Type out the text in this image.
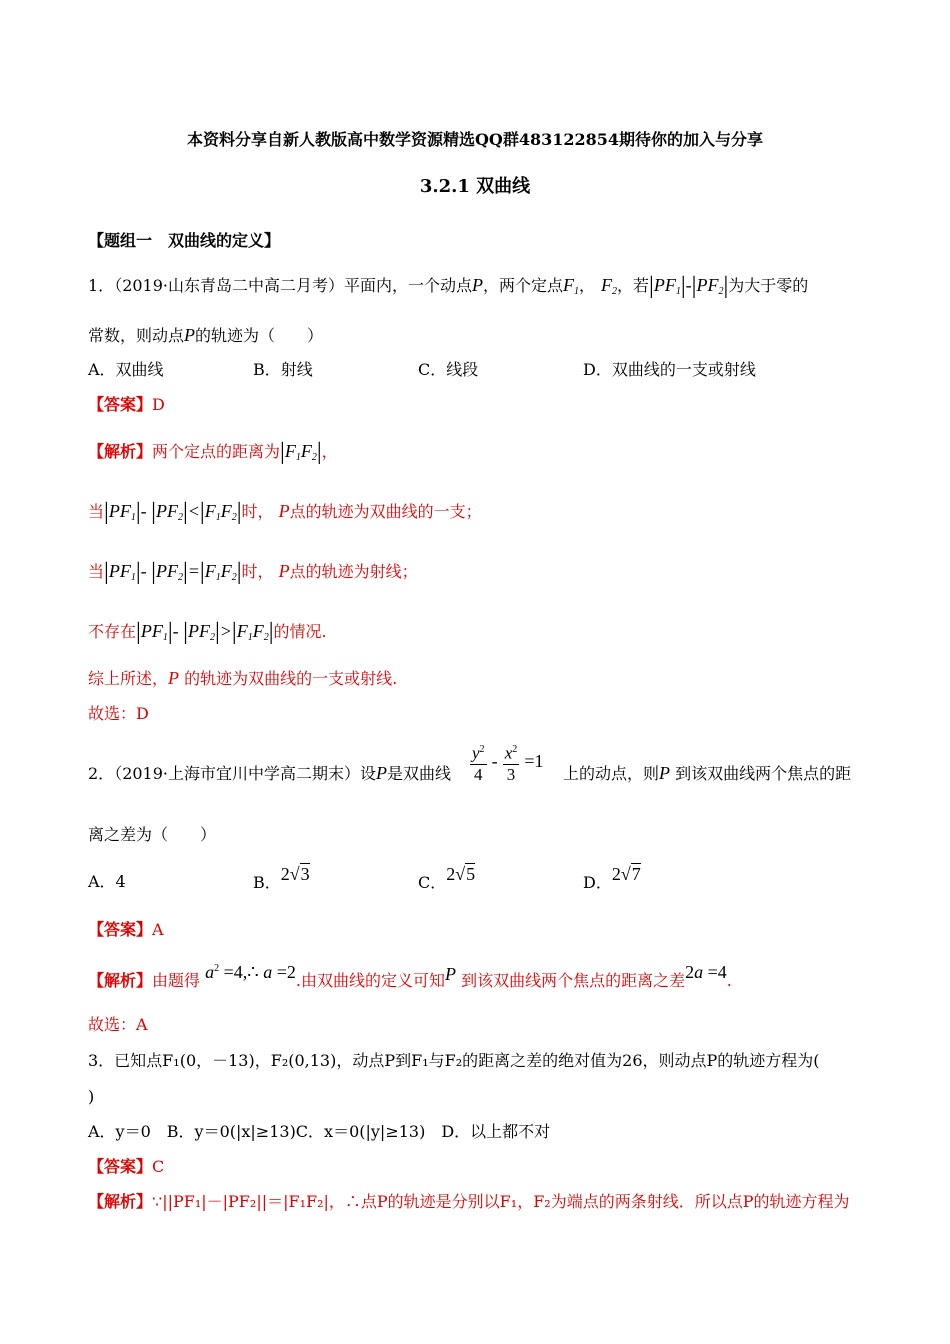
本资料分享自新人教版高中数学资源精选QQ群483122854期待你的加入与分享
3.2.1 双曲线
【题组一　双曲线的定义】
1．（2019·山东青岛二中高二月考）平面内，一个动点P，两个定点$F_1$， $F_2$，若$|PF_1|-|PF_2|$为大于零的
常数，则动点P的轨迹为（　　）
A．双曲线	B．射线	C．线段	D．双曲线的一支或射线
【答案】D
【解析】两个定点的距离为$|F_1F_2|$，
当$|PF_1|-$ $|PF_2|<|F_1F_2|$时， P点的轨迹为双曲线的一支；
当$|PF_1|-$ $|PF_2|=|F_1F_2|$时， P点的轨迹为射线；
不存在$|PF_1|-$ $|PF_2|>|F_1F_2|$的情况.
综上所述，P 的轨迹为双曲线的一支或射线.
故选：D
2．（2019·上海市宜川中学高二期末）设P是双曲线 $\frac{y^2}{4} - \frac{x^2}{3} =1$
上的动点，则P 到该双曲线两个焦点的距
离之差为（　　）
A．4	B．2√3	C．2√5	D．2√7
【答案】A
【解析】由题得 $a^2$ =4,∴ a =2.由双曲线的定义可知P 到该双曲线两个焦点的距离之差2a =4.
故选：A
3．已知点F₁(0，－13)，F₂(0,13)，动点P到F₁与F₂的距离之差的绝对值为26，则动点P的轨迹方程为(
)
A．y＝0　B．y＝0(|x|≥13)C．x＝0(|y|≥13)　D．以上都不对
【答案】C
【解析】∵||PF₁|－|PF₂||＝|F₁F₂|，∴点P的轨迹是分别以F₁，F₂为端点的两条射线．所以点P的轨迹方程为
